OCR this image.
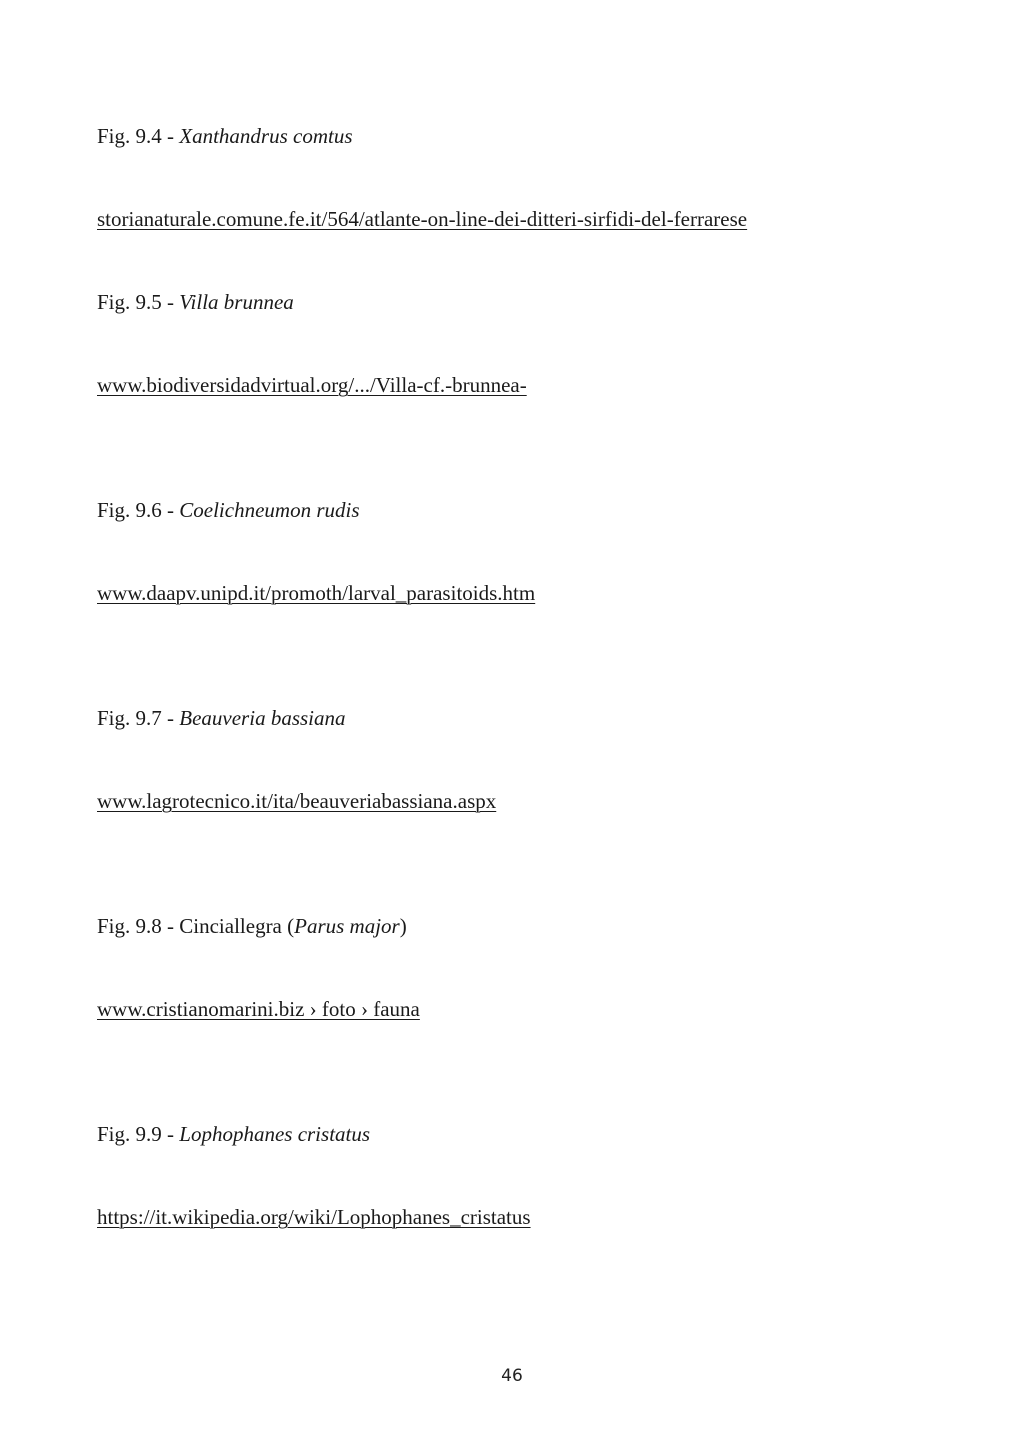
Fig. 9.4 - Xanthandrus comtus
storianaturale.comune.fe.it/564/atlante-on-line-dei-ditteri-sirfidi-del-ferrarese
Fig. 9.5 - Villa brunnea
www.biodiversidadvirtual.org/.../Villa-cf.-brunnea-
Fig. 9.6 - Coelichneumon rudis
www.daapv.unipd.it/promoth/larval_parasitoids.htm
Fig. 9.7 - Beauveria bassiana
www.lagrotecnico.it/ita/beauveriabassiana.aspx
Fig. 9.8 - Cinciallegra (Parus major)
www.cristianomarini.biz › foto › fauna
Fig. 9.9 - Lophophanes cristatus
https://it.wikipedia.org/wiki/Lophophanes_cristatus
46
